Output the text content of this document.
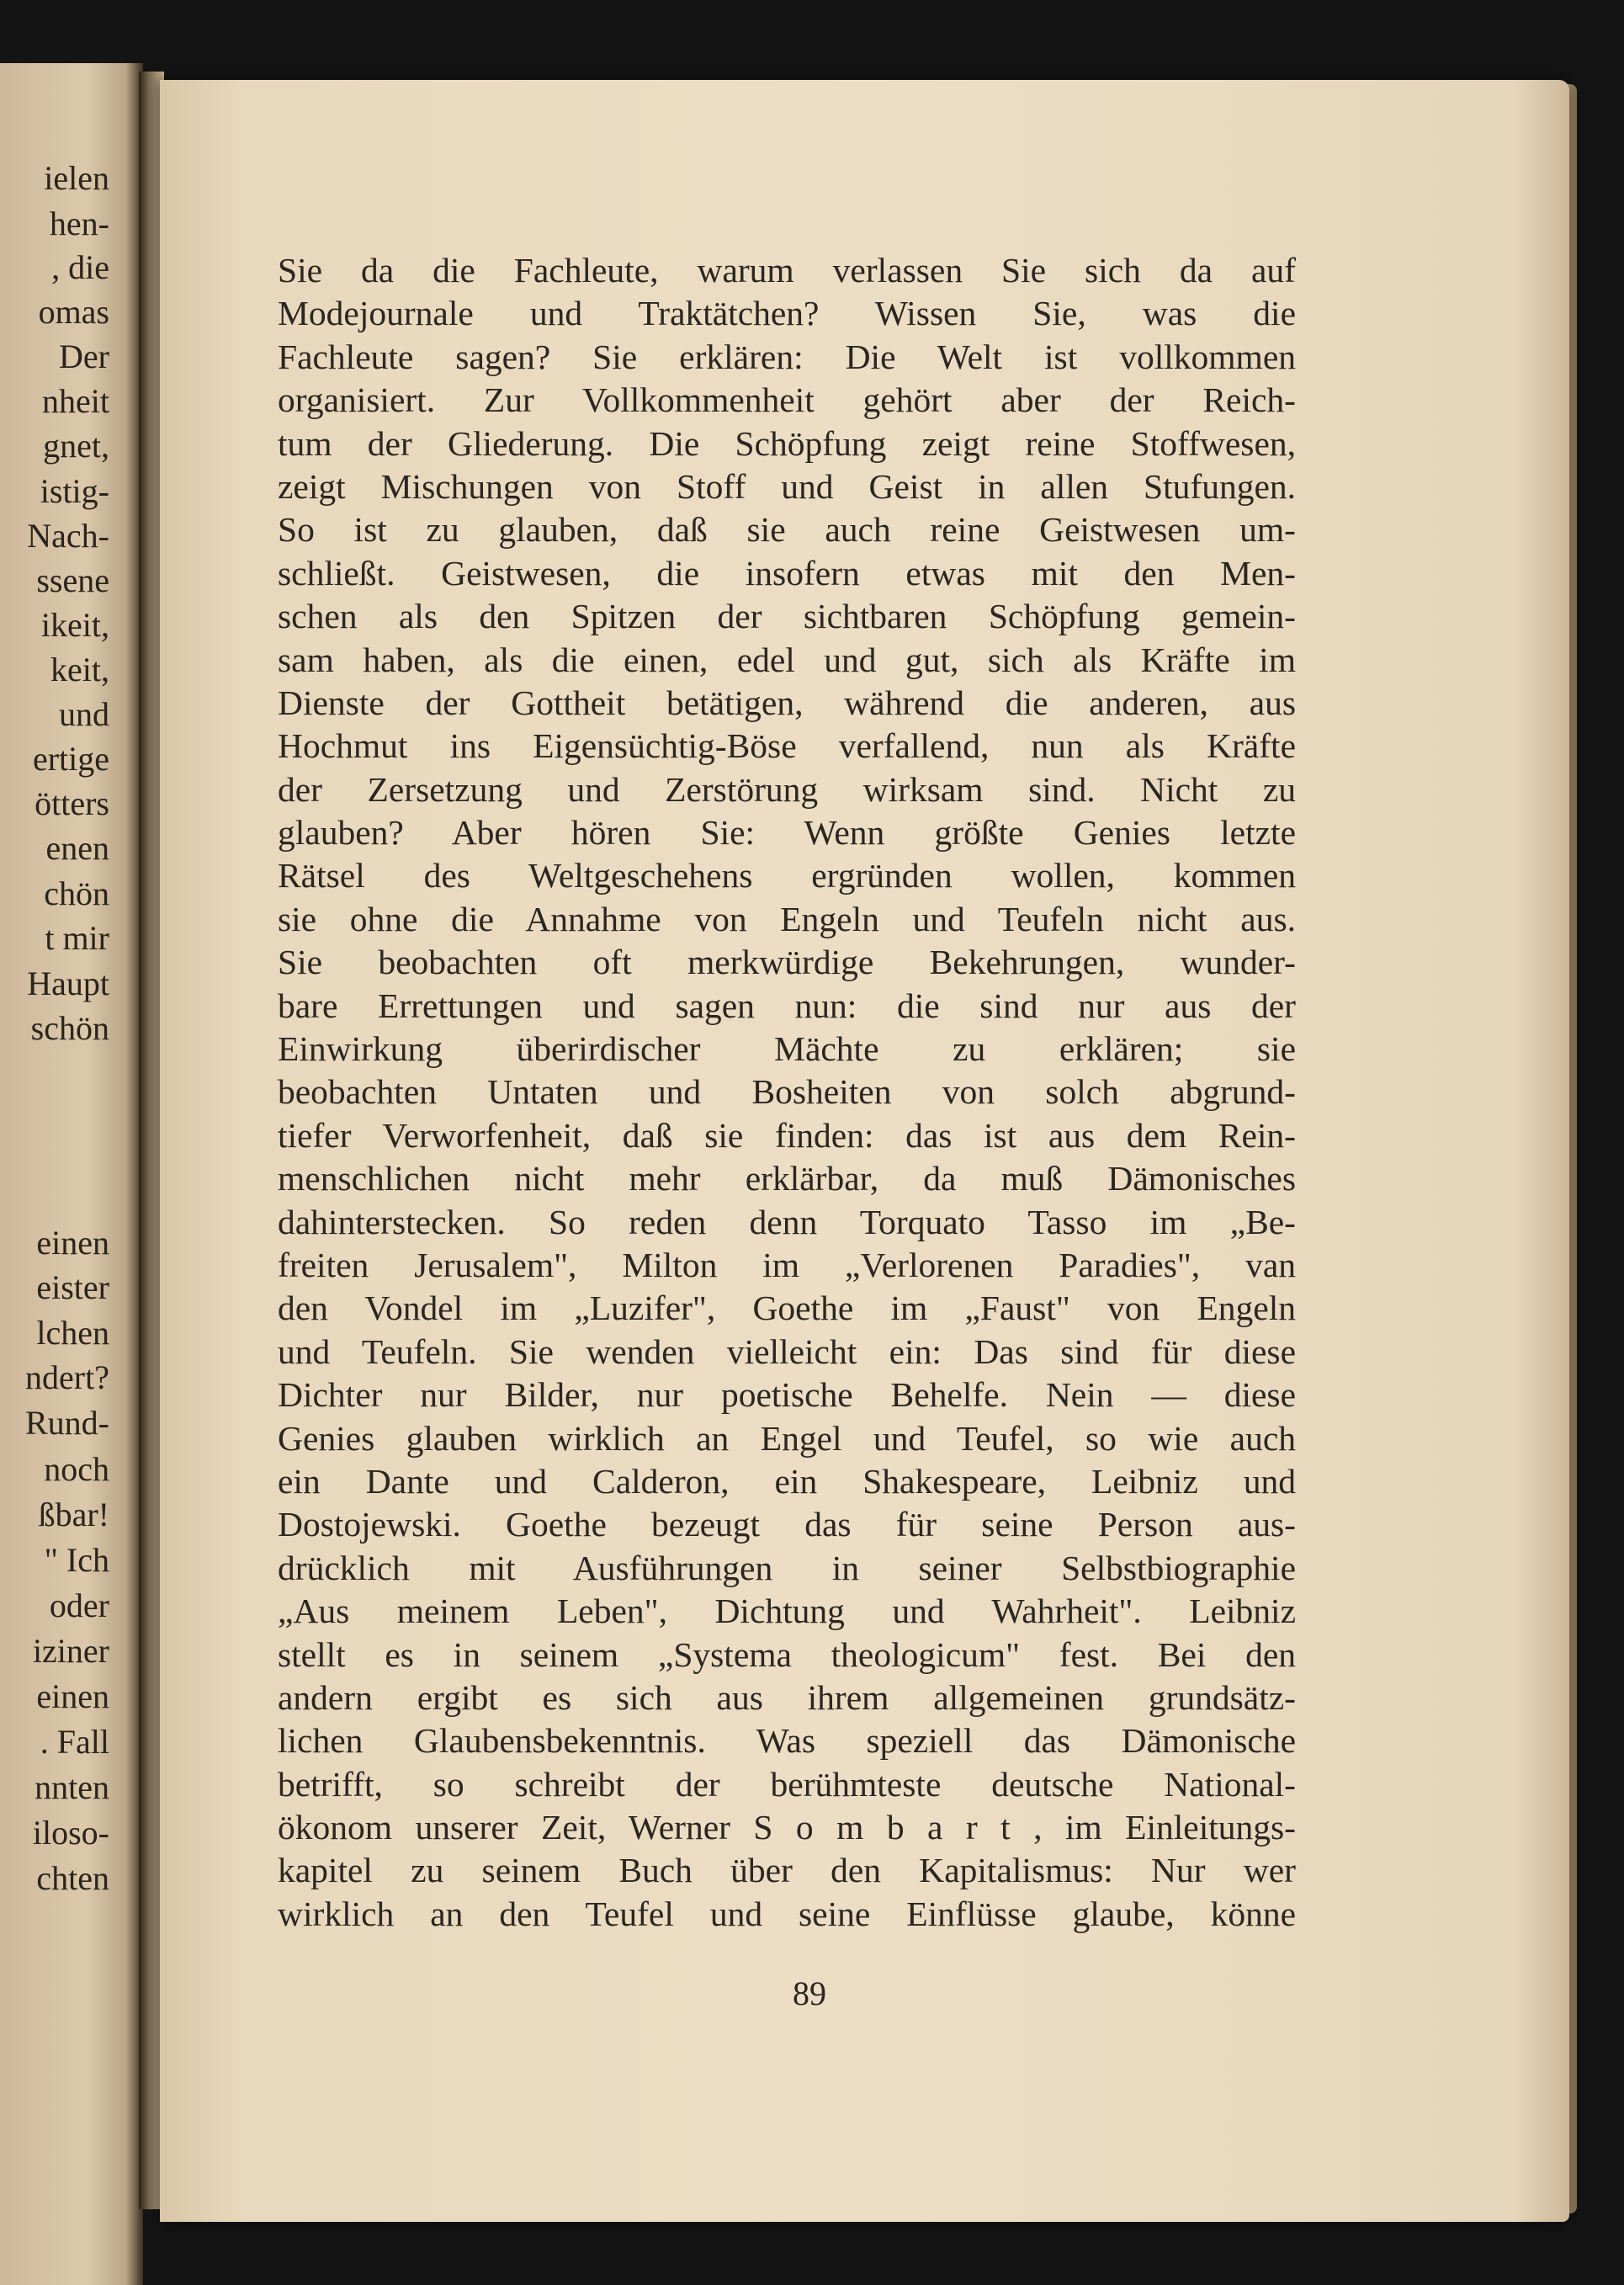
ielen
hen-
, die
omas
Der
nheit
gnet,
istig-
Nach-
ssene
ikeit,
keit,
und
ertige
ötters
enen
chön
t mir
Haupt
schön
einen
eister
lchen
ndert?
Rund-
noch
ßbar!
" Ich
oder
iziner
einen
. Fall
nnten
iloso-
chten
Sie da die Fachleute, warum verlassen Sie sich da auf
Modejournale und Traktätchen? Wissen Sie, was die
Fachleute sagen? Sie erklären: Die Welt ist vollkommen
organisiert. Zur Vollkommenheit gehört aber der Reich-
tum der Gliederung. Die Schöpfung zeigt reine Stoffwesen,
zeigt Mischungen von Stoff und Geist in allen Stufungen.
So ist zu glauben, daß sie auch reine Geistwesen um-
schließt. Geistwesen, die insofern etwas mit den Men-
schen als den Spitzen der sichtbaren Schöpfung gemein-
sam haben, als die einen, edel und gut, sich als Kräfte im
Dienste der Gottheit betätigen, während die anderen, aus
Hochmut ins Eigensüchtig-Böse verfallend, nun als Kräfte
der Zersetzung und Zerstörung wirksam sind. Nicht zu
glauben? Aber hören Sie: Wenn größte Genies letzte
Rätsel des Weltgeschehens ergründen wollen, kommen
sie ohne die Annahme von Engeln und Teufeln nicht aus.
Sie beobachten oft merkwürdige Bekehrungen, wunder-
bare Errettungen und sagen nun: die sind nur aus der
Einwirkung überirdischer Mächte zu erklären; sie
beobachten Untaten und Bosheiten von solch abgrund-
tiefer Verworfenheit, daß sie finden: das ist aus dem Rein-
menschlichen nicht mehr erklärbar, da muß Dämonisches
dahinterstecken. So reden denn Torquato Tasso im „Be-
freiten Jerusalem", Milton im „Verlorenen Paradies", van
den Vondel im „Luzifer", Goethe im „Faust" von Engeln
und Teufeln. Sie wenden vielleicht ein: Das sind für diese
Dichter nur Bilder, nur poetische Behelfe. Nein — diese
Genies glauben wirklich an Engel und Teufel, so wie auch
ein Dante und Calderon, ein Shakespeare, Leibniz und
Dostojewski. Goethe bezeugt das für seine Person aus-
drücklich mit Ausführungen in seiner Selbstbiographie
„Aus meinem Leben", Dichtung und Wahrheit". Leibniz
stellt es in seinem „Systema theologicum" fest. Bei den
andern ergibt es sich aus ihrem allgemeinen grundsätz-
lichen Glaubensbekenntnis. Was speziell das Dämonische
betrifft, so schreibt der berühmteste deutsche National-
ökonom unserer Zeit, Werner S o m b a r t , im Einleitungs-
kapitel zu seinem Buch über den Kapitalismus: Nur wer
wirklich an den Teufel und seine Einflüsse glaube, könne
89
